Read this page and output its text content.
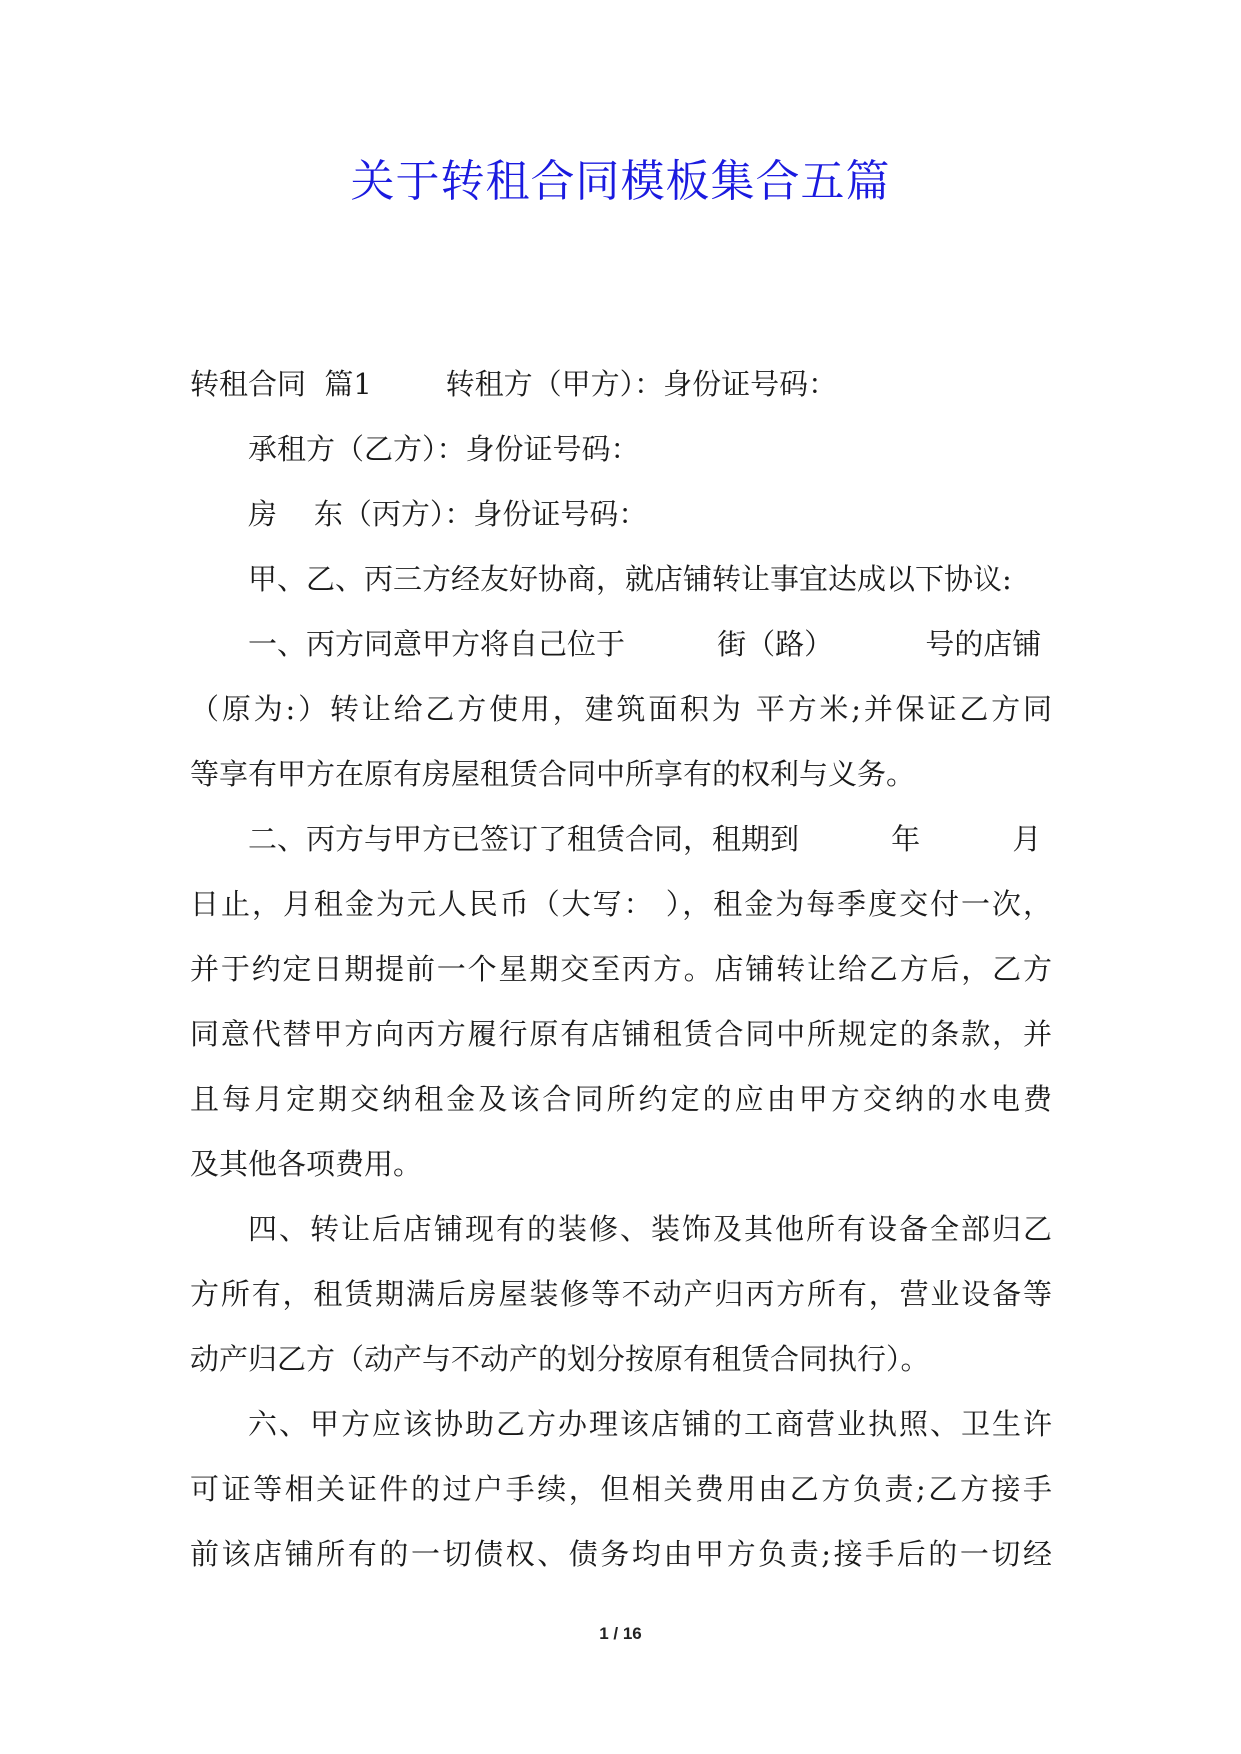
关于转租合同模板集合五篇
转租合同  篇1        转租方（甲方）：身份证号码：
承租方（乙方）：身份证号码：
房    东（丙方）：身份证号码：
甲、乙、丙三方经友好协商，就店铺转让事宜达成以下协议:
一、丙方同意甲方将自己位于          街（路）          号的店铺
（原为:）转让给乙方使用，建筑面积为 平方米;并保证乙方同
等享有甲方在原有房屋租赁合同中所享有的权利与义务。
二、丙方与甲方已签订了租赁合同，租期到          年          月
日止，月租金为元人民币（大写： ），租金为每季度交付一次，
并于约定日期提前一个星期交至丙方。店铺转让给乙方后，乙方
同意代替甲方向丙方履行原有店铺租赁合同中所规定的条款，并
且每月定期交纳租金及该合同所约定的应由甲方交纳的水电费
及其他各项费用。
四、转让后店铺现有的装修、装饰及其他所有设备全部归乙
方所有，租赁期满后房屋装修等不动产归丙方所有，营业设备等
动产归乙方（动产与不动产的划分按原有租赁合同执行）。
六、甲方应该协助乙方办理该店铺的工商营业执照、卫生许
可证等相关证件的过户手续，但相关费用由乙方负责;乙方接手
前该店铺所有的一切债权、债务均由甲方负责;接手后的一切经
1 / 16
